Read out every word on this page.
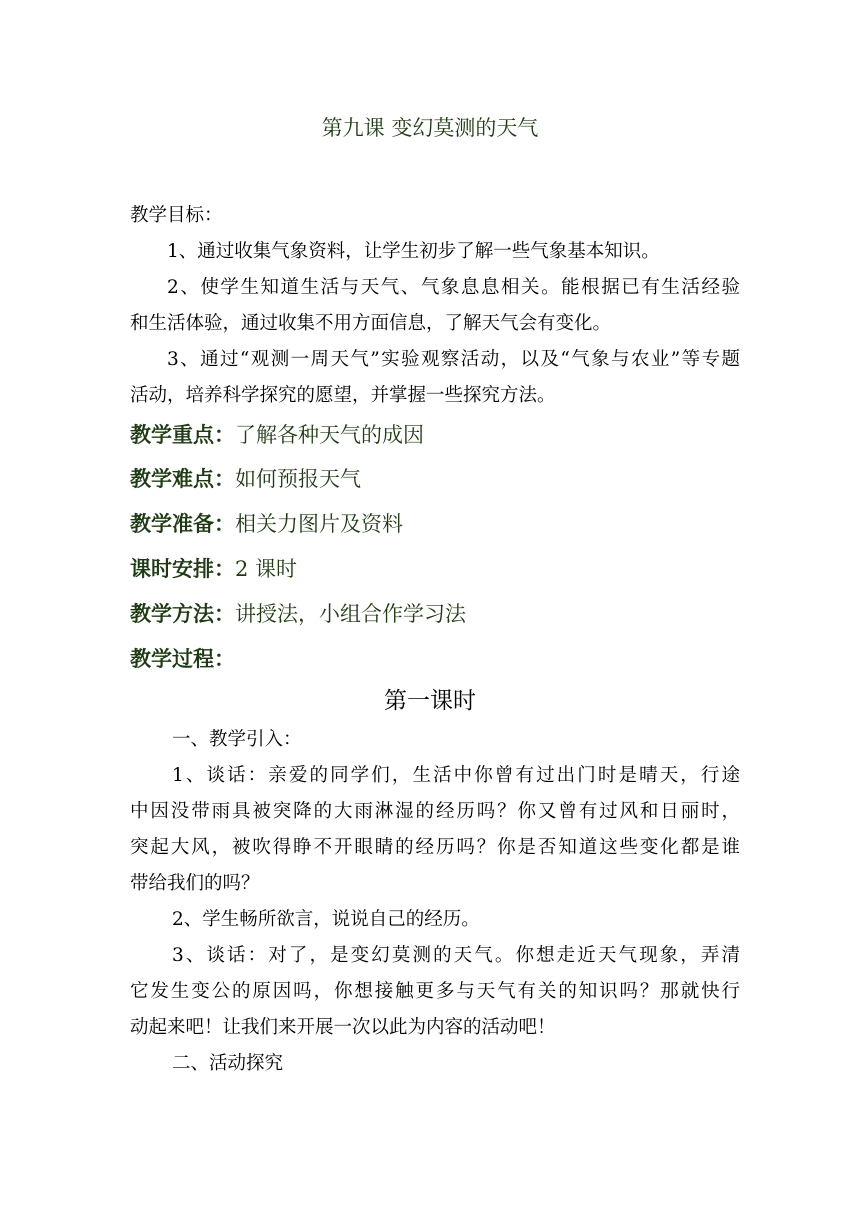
第九课 变幻莫测的天气
教学目标：
1、通过收集气象资料，让学生初步了解一些气象基本知识。
2、使学生知道生活与天气、气象息息相关。能根据已有生活经验
和生活体验，通过收集不用方面信息，了解天气会有变化。
3、通过“观测一周天气”实验观察活动，以及“气象与农业”等专题
活动，培养科学探究的愿望，并掌握一些探究方法。
教学重点：了解各种天气的成因
教学难点：如何预报天气
教学准备：相关力图片及资料
课时安排：2 课时
教学方法：讲授法，小组合作学习法
教学过程：
第一课时
一、教学引入：
1、谈话：亲爱的同学们，生活中你曾有过出门时是晴天，行途
中因没带雨具被突降的大雨淋湿的经历吗？你又曾有过风和日丽时，
突起大风，被吹得睁不开眼睛的经历吗？你是否知道这些变化都是谁
带给我们的吗？
2、学生畅所欲言，说说自己的经历。
3、谈话：对了，是变幻莫测的天气。你想走近天气现象，弄清
它发生变公的原因吗，你想接触更多与天气有关的知识吗？那就快行
动起来吧！让我们来开展一次以此为内容的活动吧！
二、活动探究
